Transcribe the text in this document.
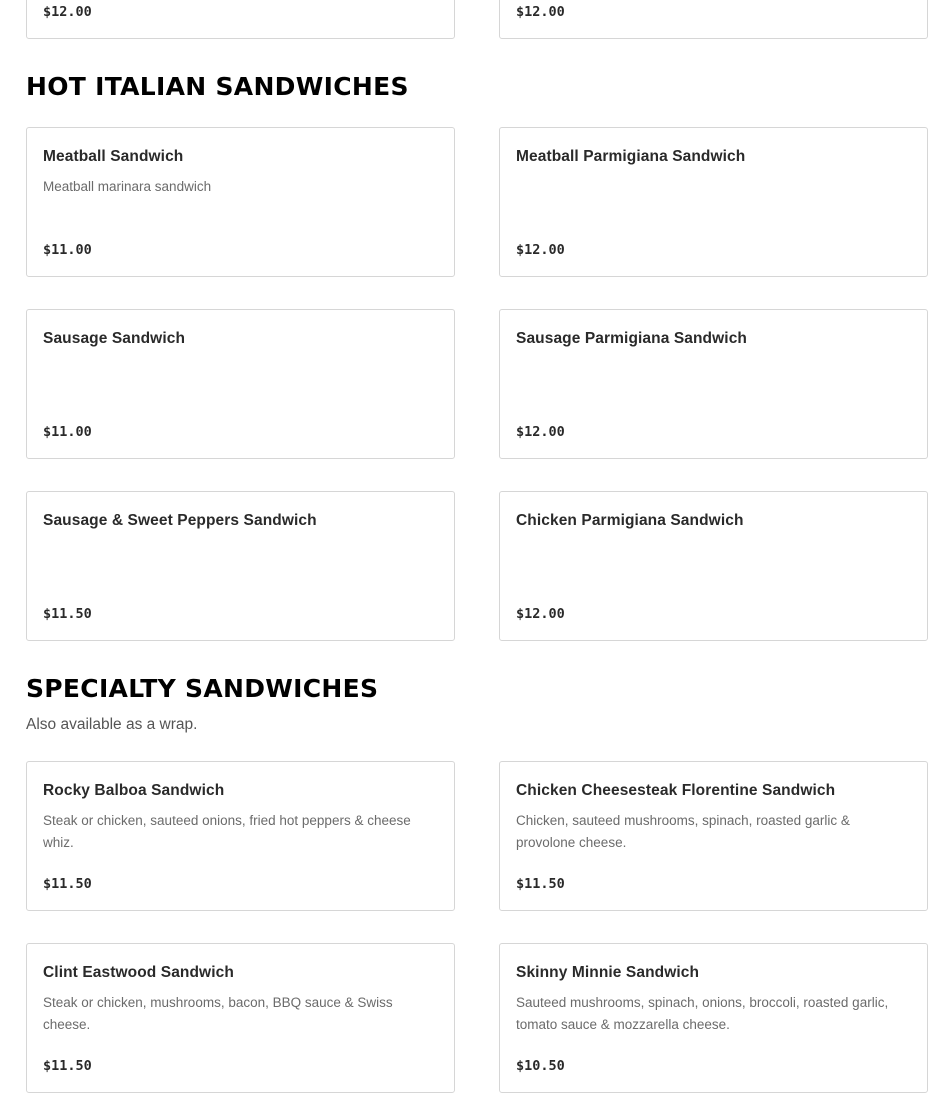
$12.00	$12.00
HOT ITALIAN SANDWICHES
Meatball Sandwich
Meatball marinara sandwich
$11.00
Meatball Parmigiana Sandwich
$12.00
Sausage Sandwich
$11.00
Sausage Parmigiana Sandwich
$12.00
Sausage & Sweet Peppers Sandwich
$11.50
Chicken Parmigiana Sandwich
$12.00
SPECIALTY SANDWICHES
Also available as a wrap.
Rocky Balboa Sandwich
Steak or chicken, sauteed onions, fried hot peppers & cheese whiz.
$11.50
Chicken Cheesesteak Florentine Sandwich
Chicken, sauteed mushrooms, spinach, roasted garlic & provolone cheese.
$11.50
Clint Eastwood Sandwich
Steak or chicken, mushrooms, bacon, BBQ sauce & Swiss cheese.
$11.50
Skinny Minnie Sandwich
Sauteed mushrooms, spinach, onions, broccoli, roasted garlic, tomato sauce & mozzarella cheese.
$10.50
